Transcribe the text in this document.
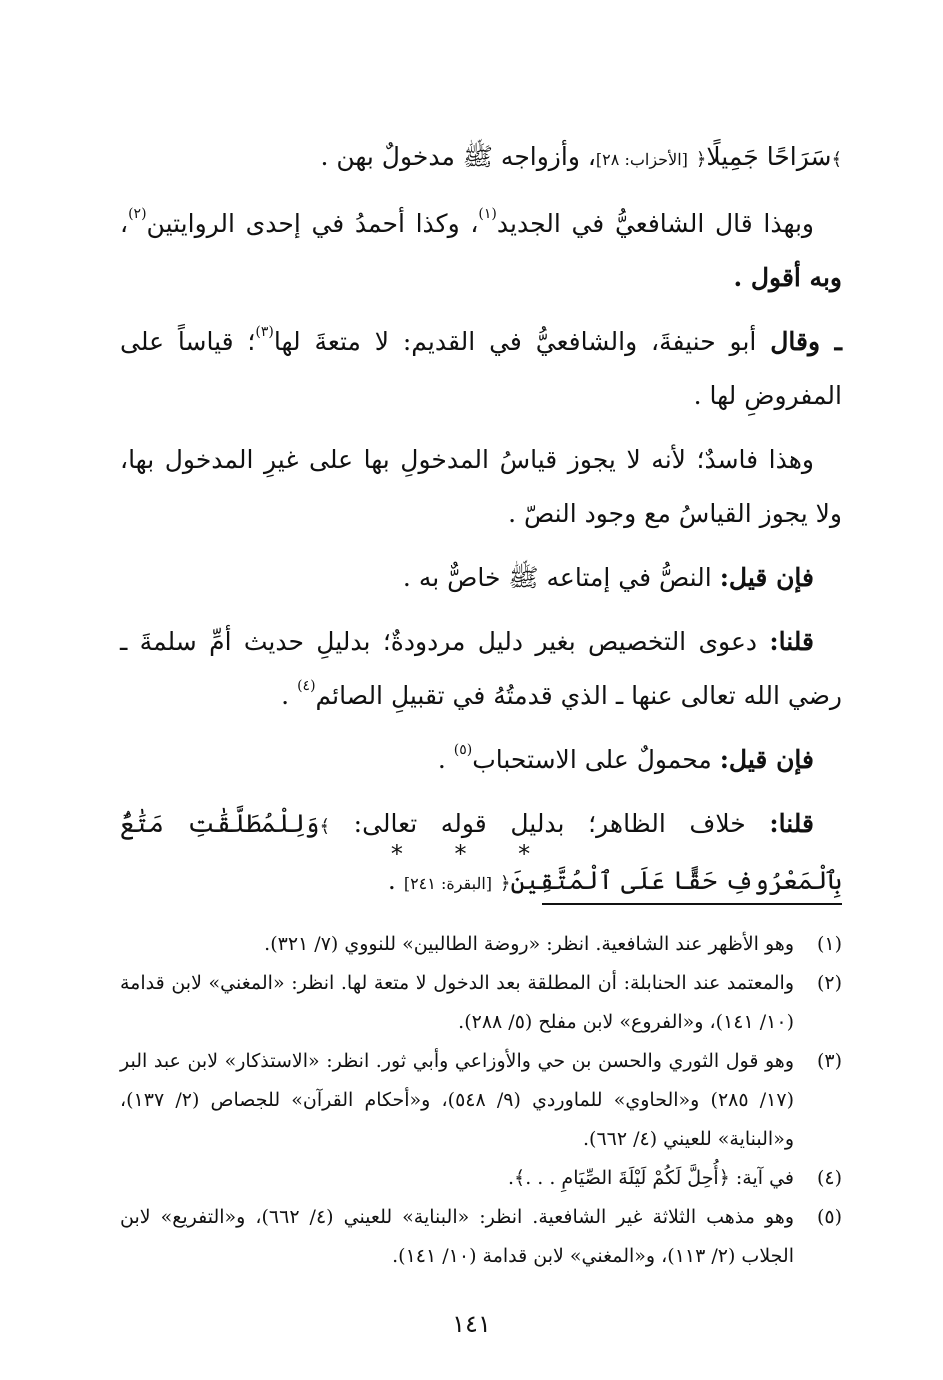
﴾سَرَاحًا جَمِيلًا﴿ [الأحزاب: ٢٨]، وأزواجه ﷺ مدخولٌ بهن .

وبهذا قال الشافعيُّ في الجديد$^{(١)}$، وكذا أحمدُ في إحدى الروايتين$^{(٢)}$، وبه أقول .

ـ وقال أبو حنيفةَ، والشافعيُّ في القديم: لا متعةَ لها$^{(٣)}$؛ قياساً على المفروضِ لها .

وهذا فاسدٌ؛ لأنه لا يجوز قياسُ المدخولِ بها على غيرِ المدخول بها، ولا يجوز القياسُ مع وجود النصّ .

فإن قيل: النصُّ في إمتاعه ﷺ خاصٌّ به .

قلنا: دعوى التخصيص بغير دليل مردودةٌ؛ بدليلِ حديث أمِّ سلمةَ ـ رضي الله تعالى عنها ـ الذي قدمتُهُ في تقبيلِ الصائم$^{(٤)}$ .

فإن قيل: محمولٌ على الاستحباب$^{(٥)}$ .

قلنا: خلاف الظاهر؛ بدليل قوله تعالى: ﴾وَلِلْمُطَلَّقَٰتِ مَتَٰعٌۢ بِٱلْمَعْرُوفِ حَقًّا عَلَى ٱلْمُتَّقِينَ﴿ [البقرة: ٢٤١] .

* * *
(١)
وهو الأظهر عند الشافعية. انظر: «روضة الطالبين» للنووي (٧/ ٣٢١).
(٢)
والمعتمد عند الحنابلة: أن المطلقة بعد الدخول لا متعة لها. انظر: «المغني» لابن قدامة (١٠/ ١٤١)، و«الفروع» لابن مفلح (٥/ ٢٨٨).
(٣)
وهو قول الثوري والحسن بن حي والأوزاعي وأبي ثور. انظر: «الاستذكار» لابن عبد البر (١٧/ ٢٨٥) و«الحاوي» للماوردي (٩/ ٥٤٨)، و«أحكام القرآن» للجصاص (٢/ ١٣٧)، و«البناية» للعيني (٤/ ٦٦٢).
(٤)
في آية: ﴿أُحِلَّ لَكُمْ لَيْلَةَ الصِّيَامِ . . .﴾.
(٥)
وهو مذهب الثلاثة غير الشافعية. انظر: «البناية» للعيني (٤/ ٦٦٢)، و«التفريع» لابن الجلاب (٢/ ١١٣)، و«المغني» لابن قدامة (١٠/ ١٤١).
١٤١
